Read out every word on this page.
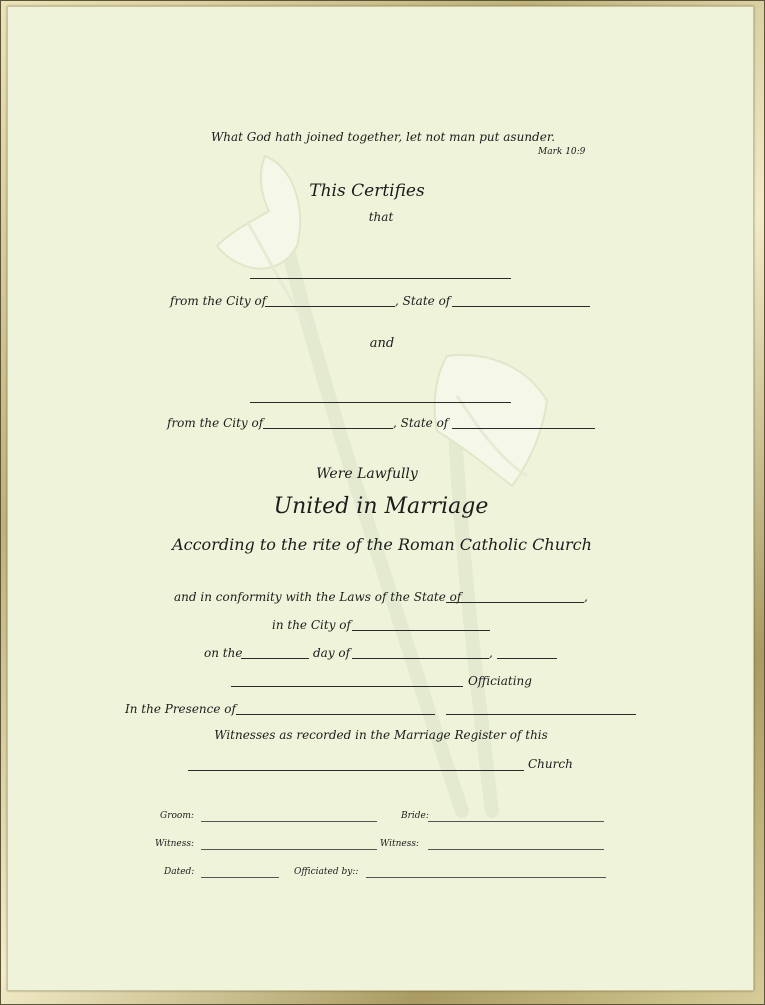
What God hath joined together, let not man put asunder.
Mark 10:9
This Certifies
that
from the City of	, State of
and
from the City of	, State of
Were Lawfully
United in Marriage
According to the rite of the Roman Catholic Church
and in conformity with the Laws of the State of	,
in the City of
on the	day of	,
Officiating
In the Presence of
Witnesses as recorded in the Marriage Register of this
Church
Groom:	Bride:
Witness:	Witness:
Dated:	Officiated by::
